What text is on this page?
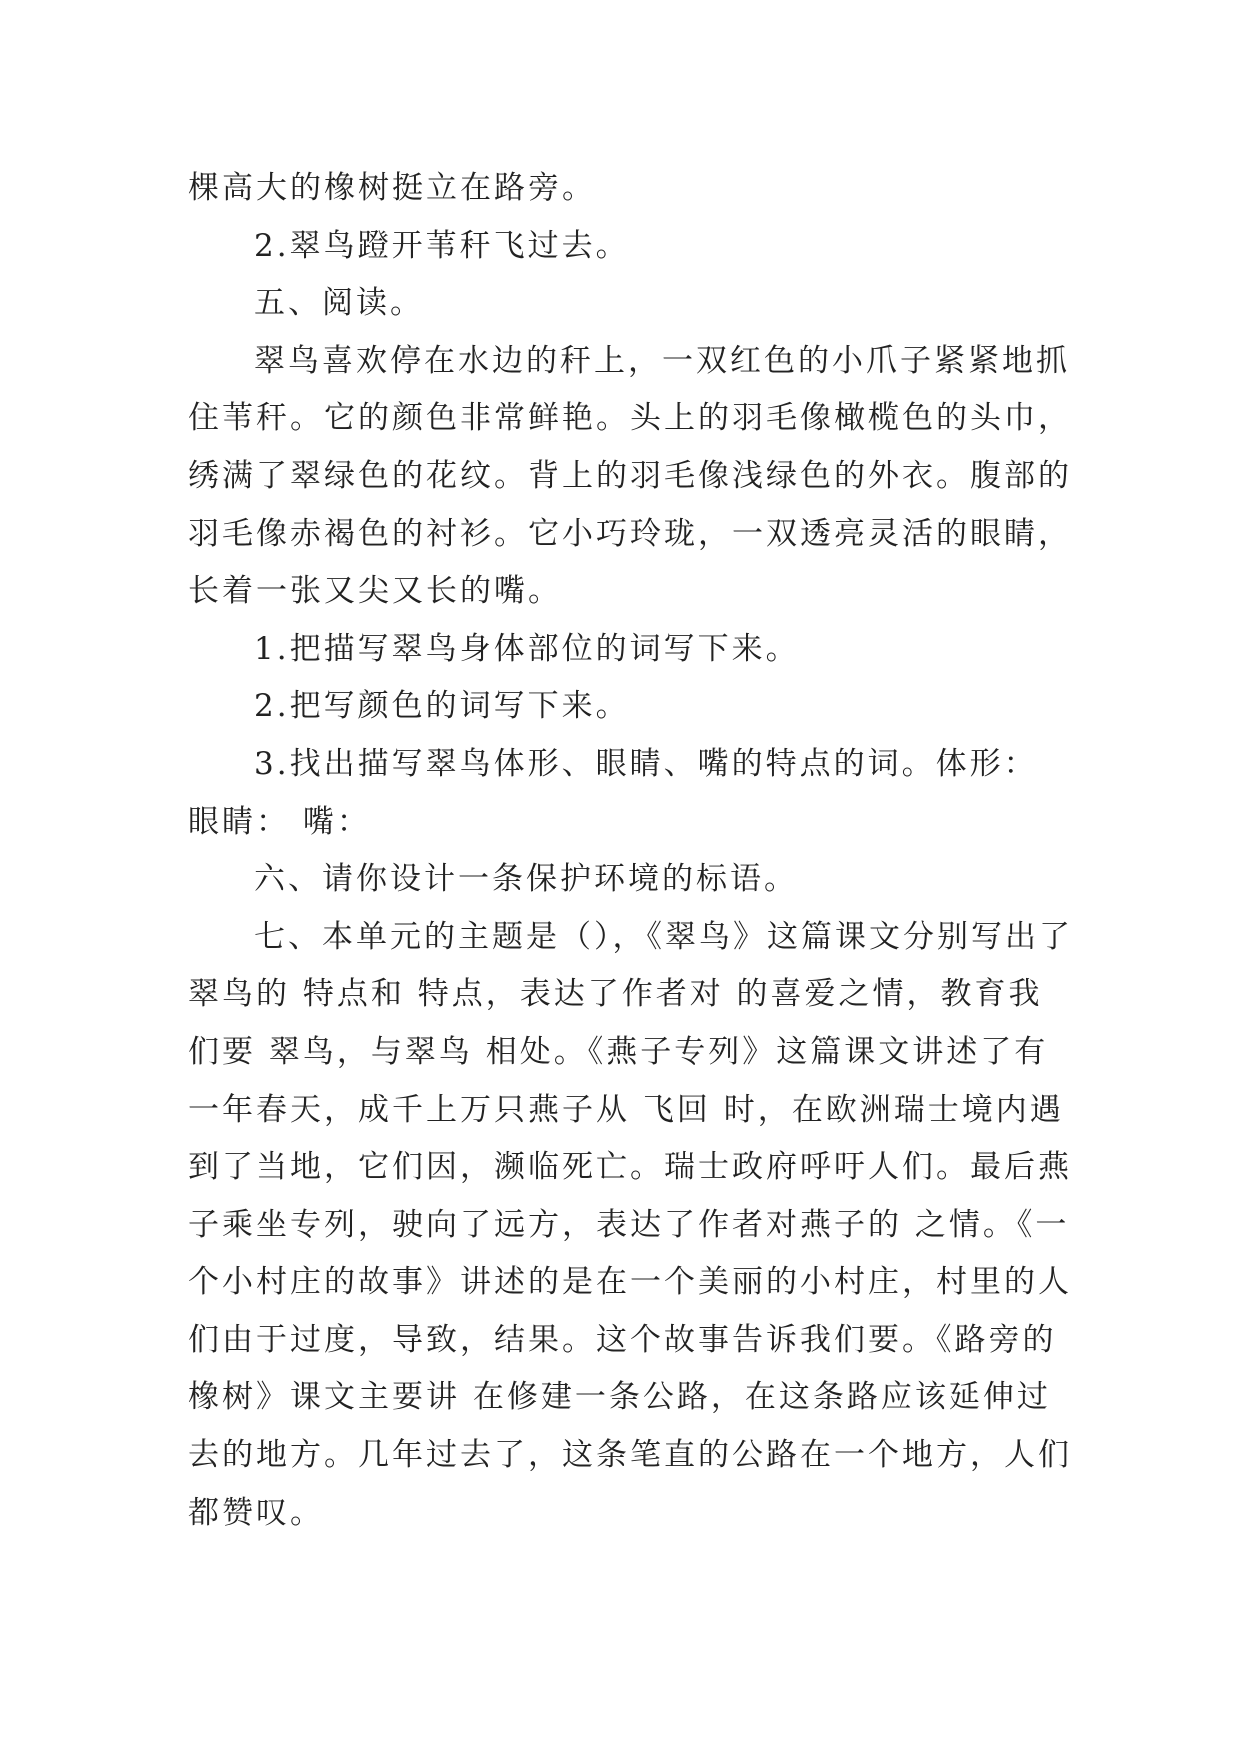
棵高大的橡树挺立在路旁。
2.翠鸟蹬开苇秆飞过去。
五、阅读。
翠鸟喜欢停在水边的秆上，一双红色的小爪子紧紧地抓
住苇秆。它的颜色非常鲜艳。头上的羽毛像橄榄色的头巾，
绣满了翠绿色的花纹。背上的羽毛像浅绿色的外衣。腹部的
羽毛像赤褐色的衬衫。它小巧玲珑，一双透亮灵活的眼睛，
长着一张又尖又长的嘴。
1.把描写翠鸟身体部位的词写下来。
2.把写颜色的词写下来。
3.找出描写翠鸟体形、眼睛、嘴的特点的词。体形：
眼睛： 嘴：
六、请你设计一条保护环境的标语。
七、本单元的主题是（），《翠鸟》这篇课文分别写出了
翠鸟的 特点和 特点，表达了作者对 的喜爱之情，教育我
们要 翠鸟，与翠鸟 相处。《燕子专列》这篇课文讲述了有
一年春天，成千上万只燕子从 飞回 时，在欧洲瑞士境内遇
到了当地，它们因，濒临死亡。瑞士政府呼吁人们。最后燕
子乘坐专列，驶向了远方，表达了作者对燕子的 之情。《一
个小村庄的故事》讲述的是在一个美丽的小村庄，村里的人
们由于过度，导致，结果。这个故事告诉我们要。《路旁的
橡树》课文主要讲 在修建一条公路，在这条路应该延伸过
去的地方。几年过去了，这条笔直的公路在一个地方，人们
都赞叹。
